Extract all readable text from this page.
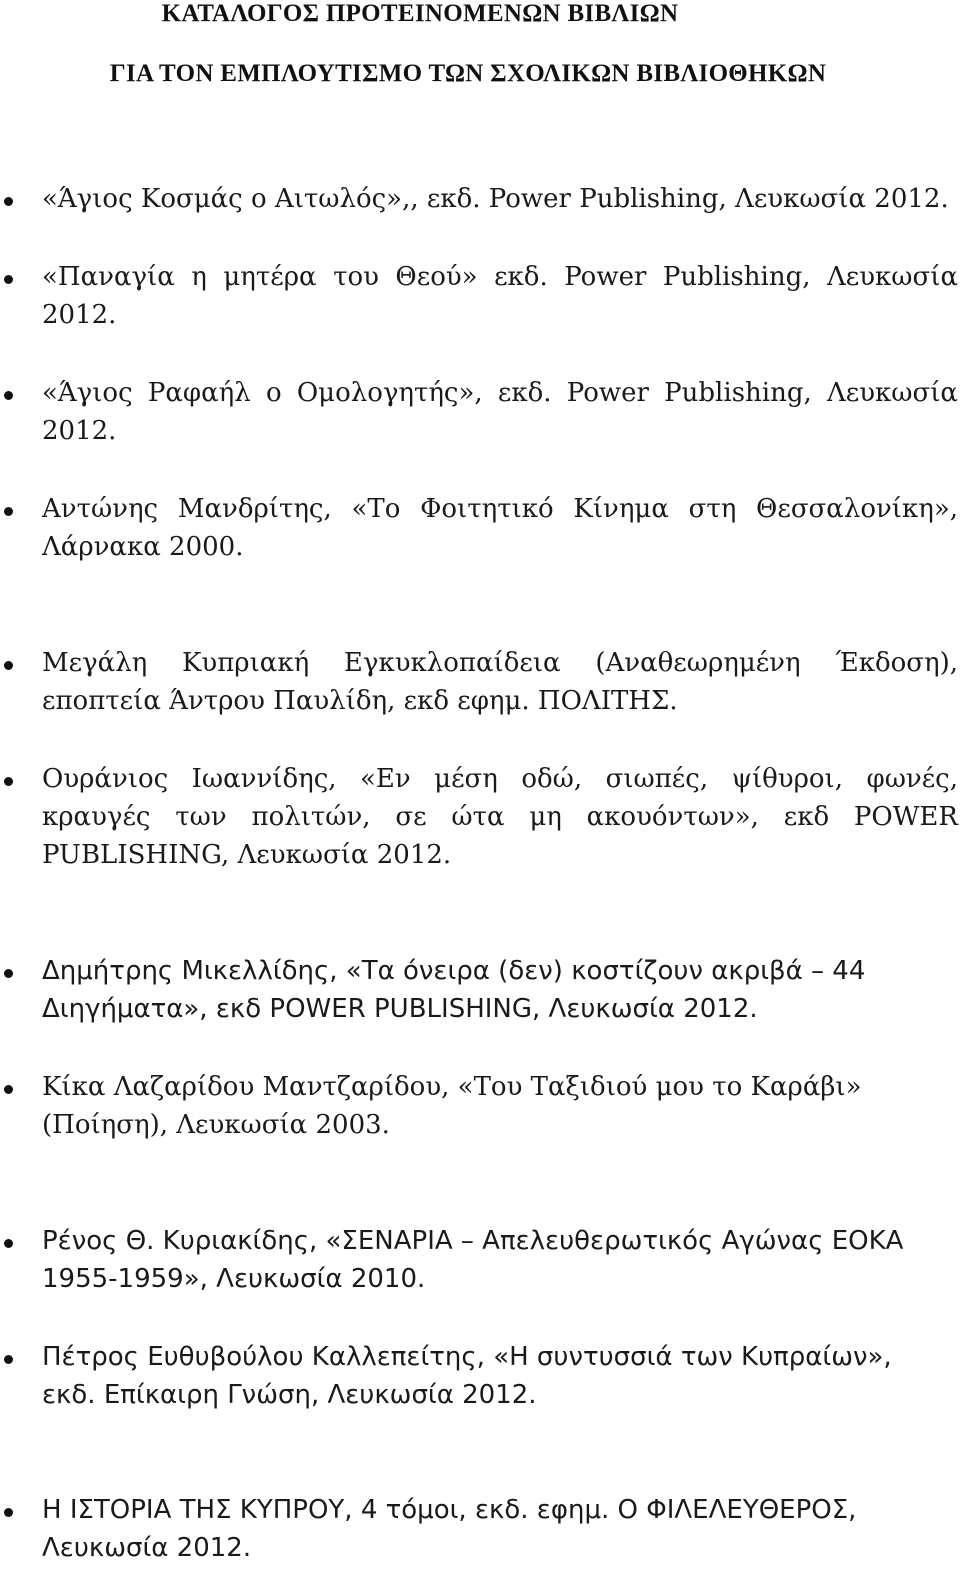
ΚΑΤΑΛΟΓΟΣ ΠΡΟΤΕΙΝΟΜΕΝΩΝ ΒΙΒΛΙΩΝ
ΓΙΑ ΤΟΝ ΕΜΠΛΟΥΤΙΣΜΟ ΤΩΝ ΣΧΟΛΙΚΩΝ ΒΙΒΛΙΟΘΗΚΩΝ
«Άγιος Κοσμάς ο Αιτωλός»,, εκδ. Power Publishing, Λευκωσία 2012.
«Παναγία η μητέρα του Θεού» εκδ. Power Publishing, Λευκωσία
2012.
«Άγιος Ραφαήλ ο Ομολογητής», εκδ. Power Publishing, Λευκωσία
2012.
Αντώνης Μανδρίτης, «Το Φοιτητικό Κίνημα στη Θεσσαλονίκη»,
Λάρνακα 2000.
Μεγάλη Κυπριακή Εγκυκλοπαίδεια (Αναθεωρημένη Έκδοση),
εποπτεία Άντρου Παυλίδη, εκδ εφημ. ΠΟΛΙΤΗΣ.
Ουράνιος Ιωαννίδης, «Εν μέση οδώ, σιωπές, ψίθυροι, φωνές,
κραυγές των πολιτών, σε ώτα μη ακουόντων», εκδ POWER
PUBLISHING, Λευκωσία 2012.
Δημήτρης Μικελλίδης, «Τα όνειρα (δεν) κοστίζουν ακριβά – 44
Διηγήματα», εκδ POWER PUBLISHING, Λευκωσία 2012.
Κίκα Λαζαρίδου Μαντζαρίδου, «Του Ταξιδιού μου το Καράβι»
(Ποίηση), Λευκωσία 2003.
Ρένος Θ. Κυριακίδης, «ΣΕΝΑΡΙΑ – Απελευθερωτικός Αγώνας ΕΟΚΑ
1955-1959», Λευκωσία 2010.
Πέτρος Ευθυβούλου Καλλεπείτης, «Η συντυσσιά των Κυπραίων»,
εκδ. Επίκαιρη Γνώση, Λευκωσία 2012.
Η ΙΣΤΟΡΙΑ ΤΗΣ ΚΥΠΡΟΥ, 4 τόμοι, εκδ. εφημ. Ο ΦΙΛΕΛΕΥΘΕΡΟΣ,
Λευκωσία 2012.
